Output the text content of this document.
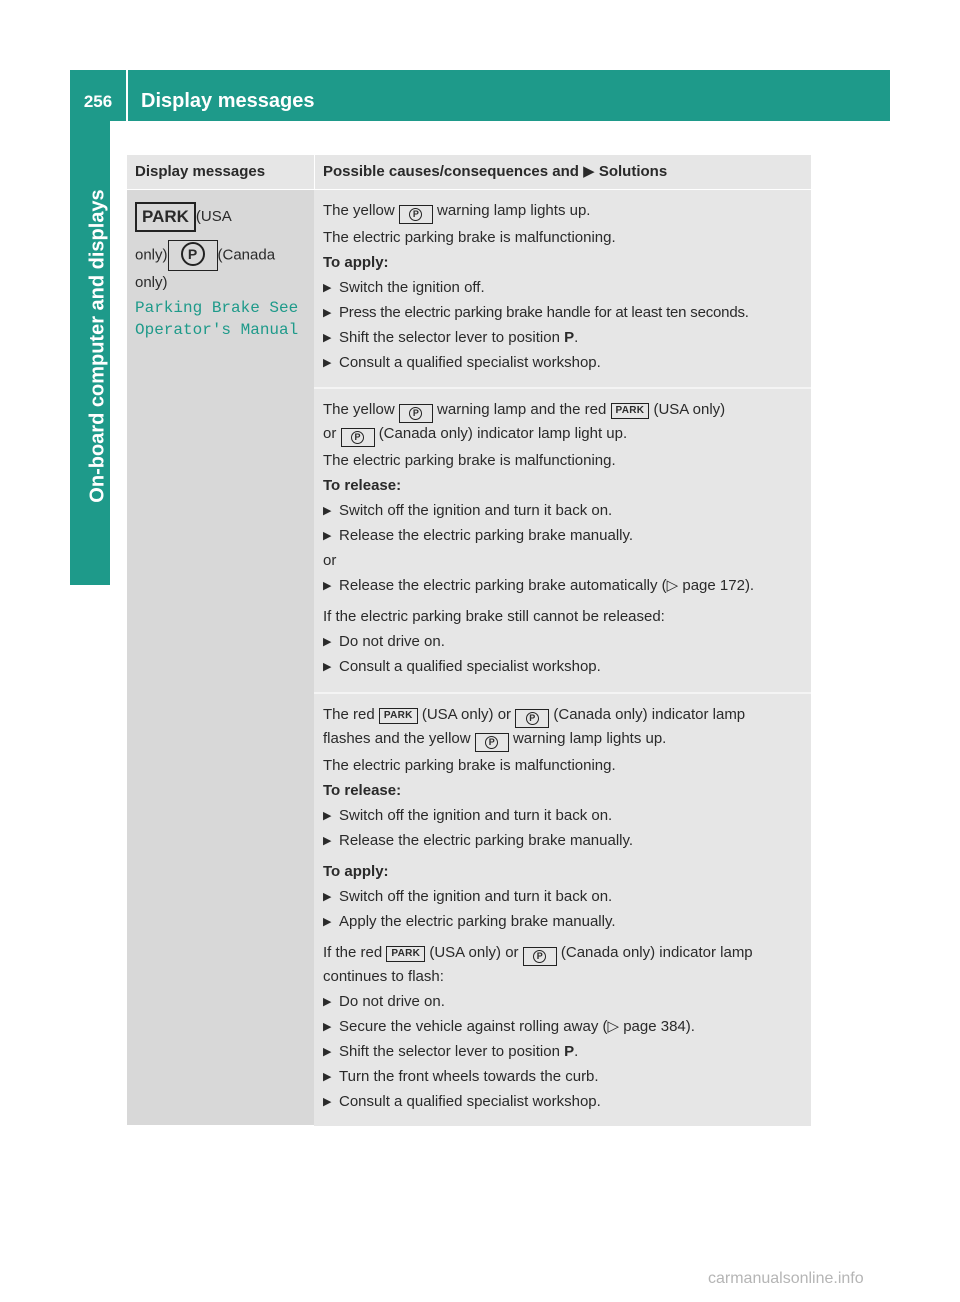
256	Display messages
On-board computer and displays
Display messages	Possible causes/consequences and ▶ Solutions
PARK (USA
only) P (Canada
only)
Parking Brake See
Operator's Manual
The yellow P warning lamp lights up.
The electric parking brake is malfunctioning.
To apply:
▶ Switch the ignition off.
▶ Press the electric parking brake handle for at least ten seconds.
▶ Shift the selector lever to position P.
▶ Consult a qualified specialist workshop.
The yellow P warning lamp and the red PARK (USA only)
or P (Canada only) indicator lamp light up.
The electric parking brake is malfunctioning.
To release:
▶ Switch off the ignition and turn it back on.
▶ Release the electric parking brake manually.
or
▶ Release the electric parking brake automatically (▷ page 172).
If the electric parking brake still cannot be released:
▶ Do not drive on.
▶ Consult a qualified specialist workshop.
The red PARK (USA only) or P (Canada only) indicator lamp
flashes and the yellow P warning lamp lights up.
The electric parking brake is malfunctioning.
To release:
▶ Switch off the ignition and turn it back on.
▶ Release the electric parking brake manually.
To apply:
▶ Switch off the ignition and turn it back on.
▶ Apply the electric parking brake manually.
If the red PARK (USA only) or P (Canada only) indicator lamp
continues to flash:
▶ Do not drive on.
▶ Secure the vehicle against rolling away (▷ page 384).
▶ Shift the selector lever to position P.
▶ Turn the front wheels towards the curb.
▶ Consult a qualified specialist workshop.
carmanualsonline.info
